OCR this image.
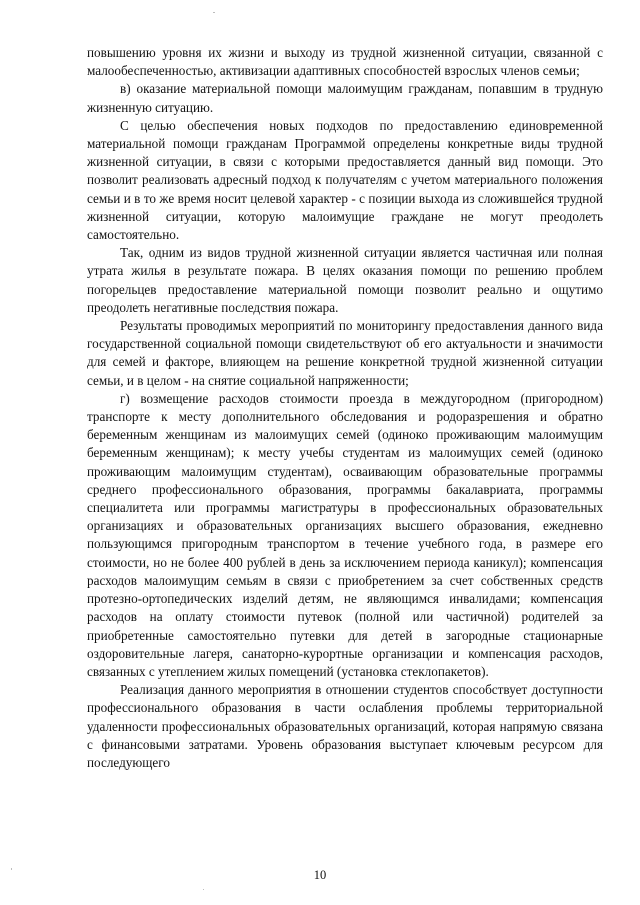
повышению уровня их жизни и выходу из трудной жизненной ситуации, связанной с малообеспеченностью, активизации адаптивных способностей взрослых членов семьи;

в) оказание материальной помощи малоимущим гражданам, попавшим в трудную жизненную ситуацию.

С целью обеспечения новых подходов по предоставлению единовременной материальной помощи гражданам Программой определены конкретные виды трудной жизненной ситуации, в связи с которыми предоставляется данный вид помощи. Это позволит реализовать адресный подход к получателям с учетом материального положения семьи и в то же время носит целевой характер - с позиции выхода из сложившейся трудной жизненной ситуации, которую малоимущие граждане не могут преодолеть самостоятельно.

Так, одним из видов трудной жизненной ситуации является частичная или полная утрата жилья в результате пожара. В целях оказания помощи по решению проблем погорельцев предоставление материальной помощи позволит реально и ощутимо преодолеть негативные последствия пожара.

Результаты проводимых мероприятий по мониторингу предоставления данного вида государственной социальной помощи свидетельствуют об его актуальности и значимости для семей и факторе, влияющем на решение конкретной трудной жизненной ситуации семьи, и в целом - на снятие социальной напряженности;

г) возмещение расходов стоимости проезда в междугородном (пригородном) транспорте к месту дополнительного обследования и родоразрешения и обратно беременным женщинам из малоимущих семей (одиноко проживающим малоимущим беременным женщинам); к месту учебы студентам из малоимущих семей (одиноко проживающим малоимущим студентам), осваивающим образовательные программы среднего профессионального образования, программы бакалавриата, программы специалитета или программы магистратуры в профессиональных образовательных организациях и образовательных организациях высшего образования, ежедневно пользующимся пригородным транспортом в течение учебного года, в размере его стоимости, но не более 400 рублей в день за исключением периода каникул); компенсация расходов малоимущим семьям в связи с приобретением за счет собственных средств протезно-ортопедических изделий детям, не являющимся инвалидами; компенсация расходов на оплату стоимости путевок (полной или частичной) родителей за приобретенные самостоятельно путевки для детей в загородные стационарные оздоровительные лагеря, санаторно-курортные организации и компенсация расходов, связанных с утеплением жилых помещений (установка стеклопакетов).

Реализация данного мероприятия в отношении студентов способствует доступности профессионального образования в части ослабления проблемы территориальной удаленности профессиональных образовательных организаций, которая напрямую связана с финансовыми затратами. Уровень образования выступает ключевым ресурсом для последующего

10
